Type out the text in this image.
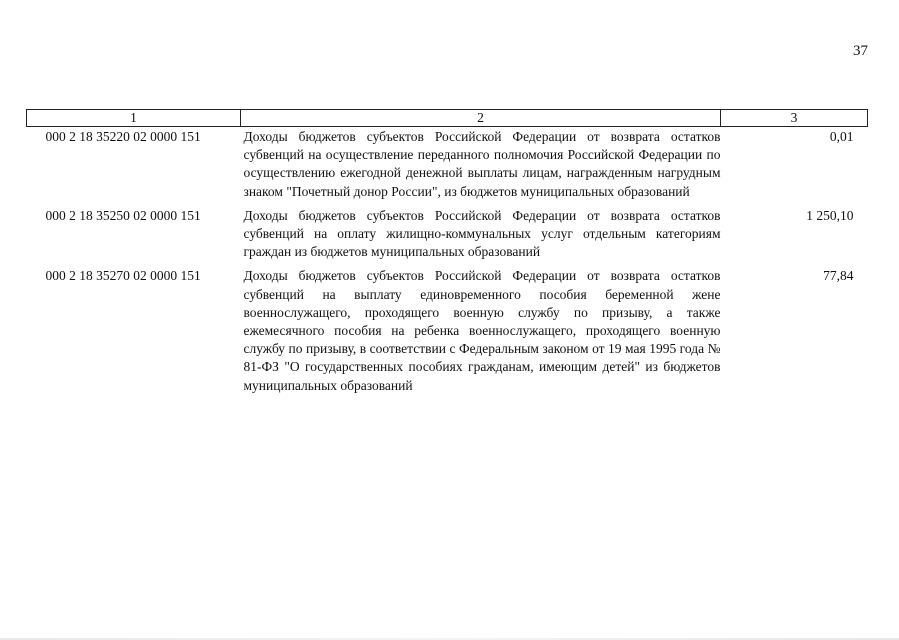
37
1	2	3
000 2 18 35220 02 0000 151	Доходы бюджетов субъектов Российской Федерации от возврата остатков субвенций на осуществление переданного полномочия Российской Федерации по осуществлению ежегодной денежной выплаты лицам, награжденным нагрудным знаком "Почетный донор России", из бюджетов муниципальных образований	0,01
000 2 18 35250 02 0000 151	Доходы бюджетов субъектов Российской Федерации от возврата остатков субвенций на оплату жилищно-коммунальных услуг отдельным категориям граждан из бюджетов муниципальных образований	1 250,10
000 2 18 35270 02 0000 151	Доходы бюджетов субъектов Российской Федерации от возврата остатков субвенций на выплату единовременного пособия беременной жене военнослужащего, проходящего военную службу по призыву, а также ежемесячного пособия на ребенка военнослужащего, проходящего военную службу по призыву, в соответствии с Федеральным законом от 19 мая 1995 года № 81-ФЗ "О государственных пособиях гражданам, имеющим детей" из бюджетов муниципальных образований	77,84
